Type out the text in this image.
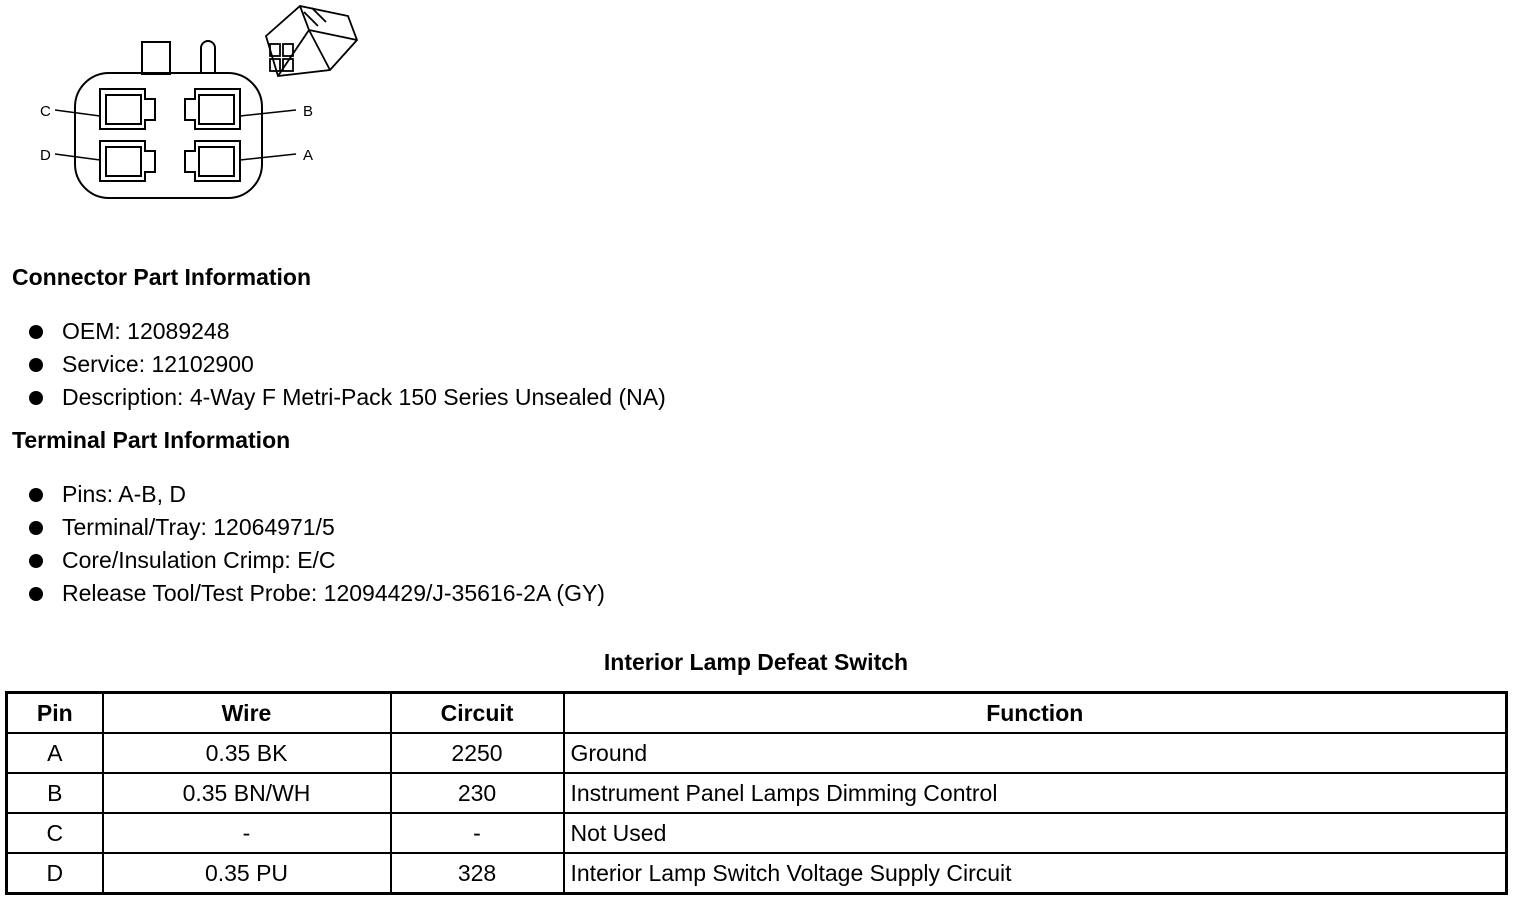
C	B
D	A
Connector Part Information
OEM: 12089248
Service: 12102900
Description: 4-Way F Metri-Pack 150 Series Unsealed (NA)
Terminal Part Information
Pins: A-B, D
Terminal/Tray: 12064971/5
Core/Insulation Crimp: E/C
Release Tool/Test Probe: 12094429/J-35616-2A (GY)
Interior Lamp Defeat Switch
Pin	Wire	Circuit	Function
A	0.35 BK	2250	Ground
B	0.35 BN/WH	230	Instrument Panel Lamps Dimming Control
C	-	-	Not Used
D	0.35 PU	328	Interior Lamp Switch Voltage Supply Circuit
